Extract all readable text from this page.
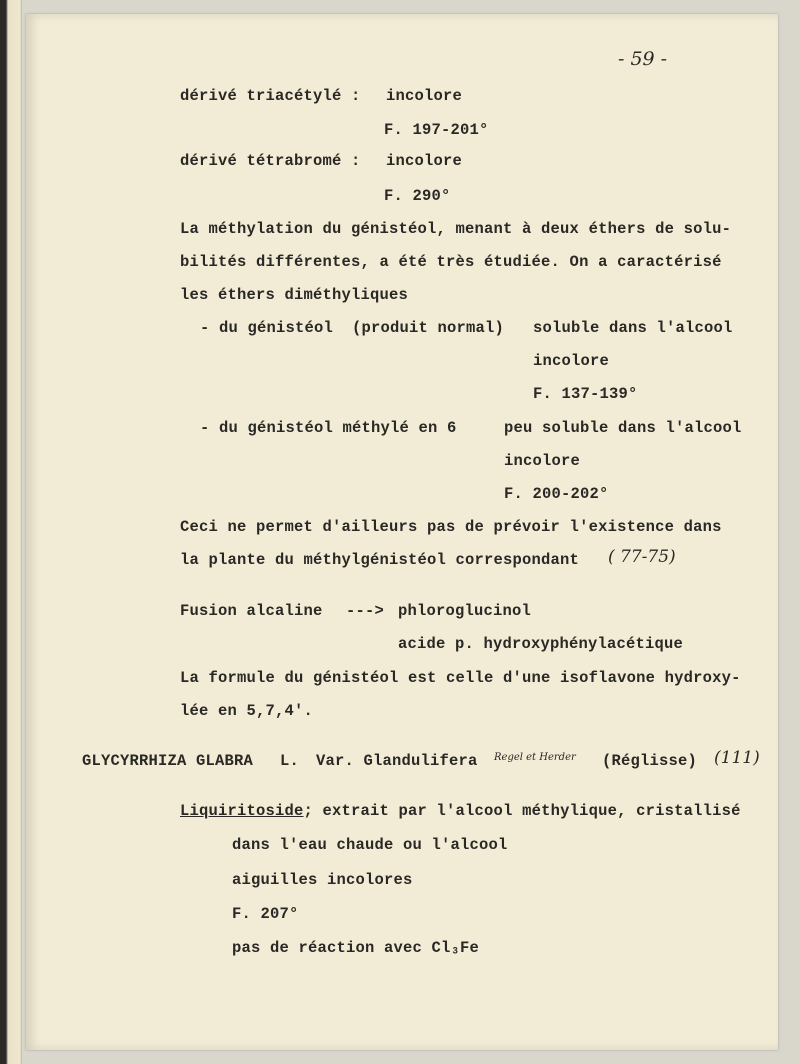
- 59 -
dérivé triacétylé : incolore
F. 197-201°
dérivé tétrabromé : incolore
F. 290°
La méthylation du génistéol, menant à deux éthers de solu-
bilités différentes, a été très étudiée. On a caractérisé
les éthers diméthyliques
- du génistéol  (produit normal) soluble dans l'alcool
incolore
F. 137-139°
- du génistéol méthylé en 6	peu soluble dans l'alcool
incolore
F. 200-202°
Ceci ne permet d'ailleurs pas de prévoir l'existence dans
la plante du méthylgénistéol correspondant ( 77-75)
Fusion alcaline ---> phloroglucinol
acide p. hydroxyphénylacétique
La formule du génistéol est celle d'une isoflavone hydroxy-
lée en 5,7,4'.
GLYCYRRHIZA GLABRA L. Var. Glandulifera Regel et Herder (Réglisse) (111)
Liquiritoside; extrait par l'alcool méthylique, cristallisé
dans l'eau chaude ou l'alcool
aiguilles incolores
F. 207°
pas de réaction avec Cl₃Fe
